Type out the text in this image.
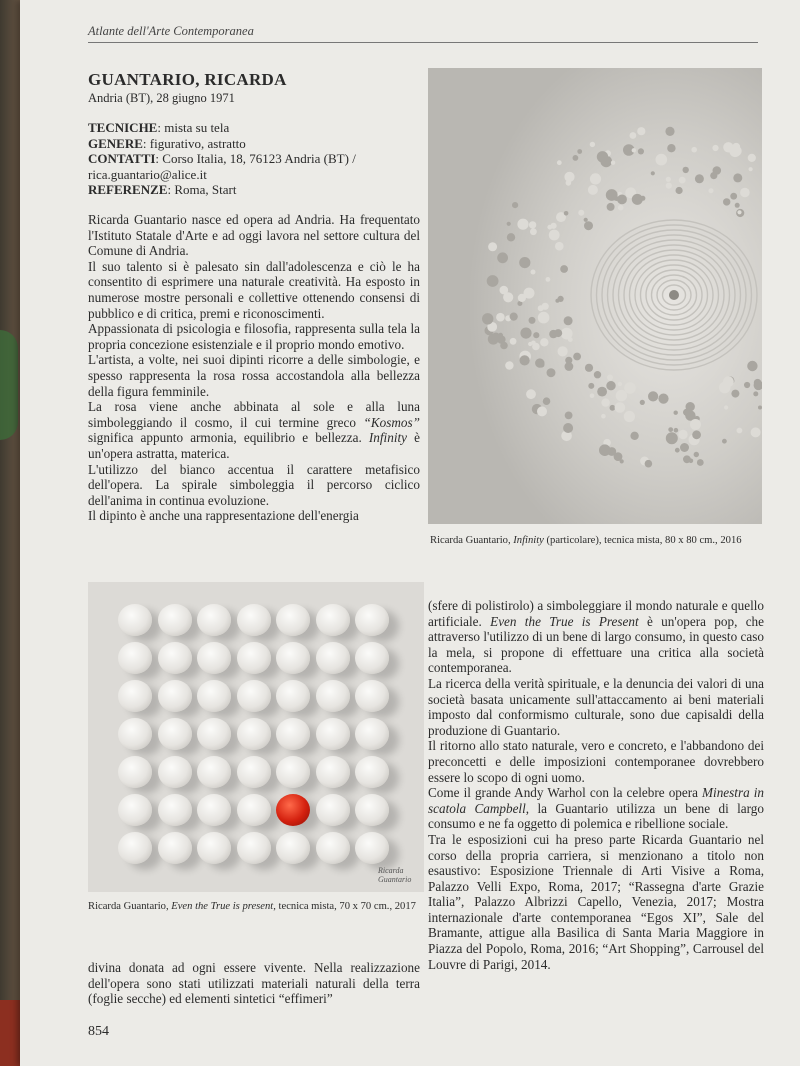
Atlante dell'Arte Contemporanea
GUANTARIO, RICARDA
Andria (BT), 28 giugno 1971
TECNICHE: mista su tela
GENERE: figurativo, astratto
CONTATTI: Corso Italia, 18, 76123 Andria (BT) / rica.guantario@alice.it
REFERENZE: Roma, Start

Ricarda Guantario nasce ed opera ad Andria. Ha frequentato l'Istituto Statale d'Arte e ad oggi lavora nel settore cultura del Comune di Andria.

Il suo talento si è palesato sin dall'adolescenza e ciò le ha consentito di esprimere una naturale creatività. Ha esposto in numerose mostre personali e collettive ottenendo consensi di pubblico e di critica, premi e riconoscimenti.

Appassionata di psicologia e filosofia, rappresenta sulla tela la propria concezione esistenziale e il proprio mondo emotivo.

L'artista, a volte, nei suoi dipinti ricorre a delle simbologie, e spesso rappresenta la rosa rossa accostandola alla bellezza della figura femminile.

La rosa viene anche abbinata al sole e alla luna simboleggiando il cosmo, il cui termine greco “Kosmos” significa appunto armonia, equilibrio e bellezza. Infinity è un'opera astratta, materica.

L'utilizzo del bianco accentua il carattere metafisico dell'opera. La spirale simboleggia il percorso ciclico dell'anima in continua evoluzione.

Il dipinto è anche una rappresentazione dell'energia

Ricarda Guantario, Infinity (particolare), tecnica mista, 80 x 80 cm., 2016
Ricarda Guantario
Ricarda Guantario, Even the True is present, tecnica mista, 70 x 70 cm., 2017
divina donata ad ogni essere vivente. Nella realizzazione dell'opera sono stati utilizzati materiali naturali della terra (foglie secche) ed elementi sintetici “effimeri”

(sfere di polistirolo) a simboleggiare il mondo naturale e quello artificiale. Even the True is Present è un'opera pop, che attraverso l'utilizzo di un bene di largo consumo, in questo caso la mela, si propone di effettuare una critica alla società contemporanea.

La ricerca della verità spirituale, e la denuncia dei valori di una società basata unicamente sull'attaccamento ai beni materiali imposto dal conformismo culturale, sono due capisaldi della produzione di Guantario.

Il ritorno allo stato naturale, vero e concreto, e l'abbandono dei preconcetti e delle imposizioni contemporanee dovrebbero essere lo scopo di ogni uomo.

Come il grande Andy Warhol con la celebre opera Minestra in scatola Campbell, la Guantario utilizza un bene di largo consumo e ne fa oggetto di polemica e ribellione sociale.

Tra le esposizioni cui ha preso parte Ricarda Guantario nel corso della propria carriera, si menzionano a titolo non esaustivo: Esposizione Triennale di Arti Visive a Roma, Palazzo Velli Expo, Roma, 2017; “Rassegna d'arte Grazie Italia”, Palazzo Albrizzi Capello, Venezia, 2017; Mostra internazionale d'arte contemporanea “Egos XI”, Sale del Bramante, attigue alla Basilica di Santa Maria Maggiore in Piazza del Popolo, Roma, 2016; “Art Shopping”, Carrousel del Louvre di Parigi, 2014.

854
